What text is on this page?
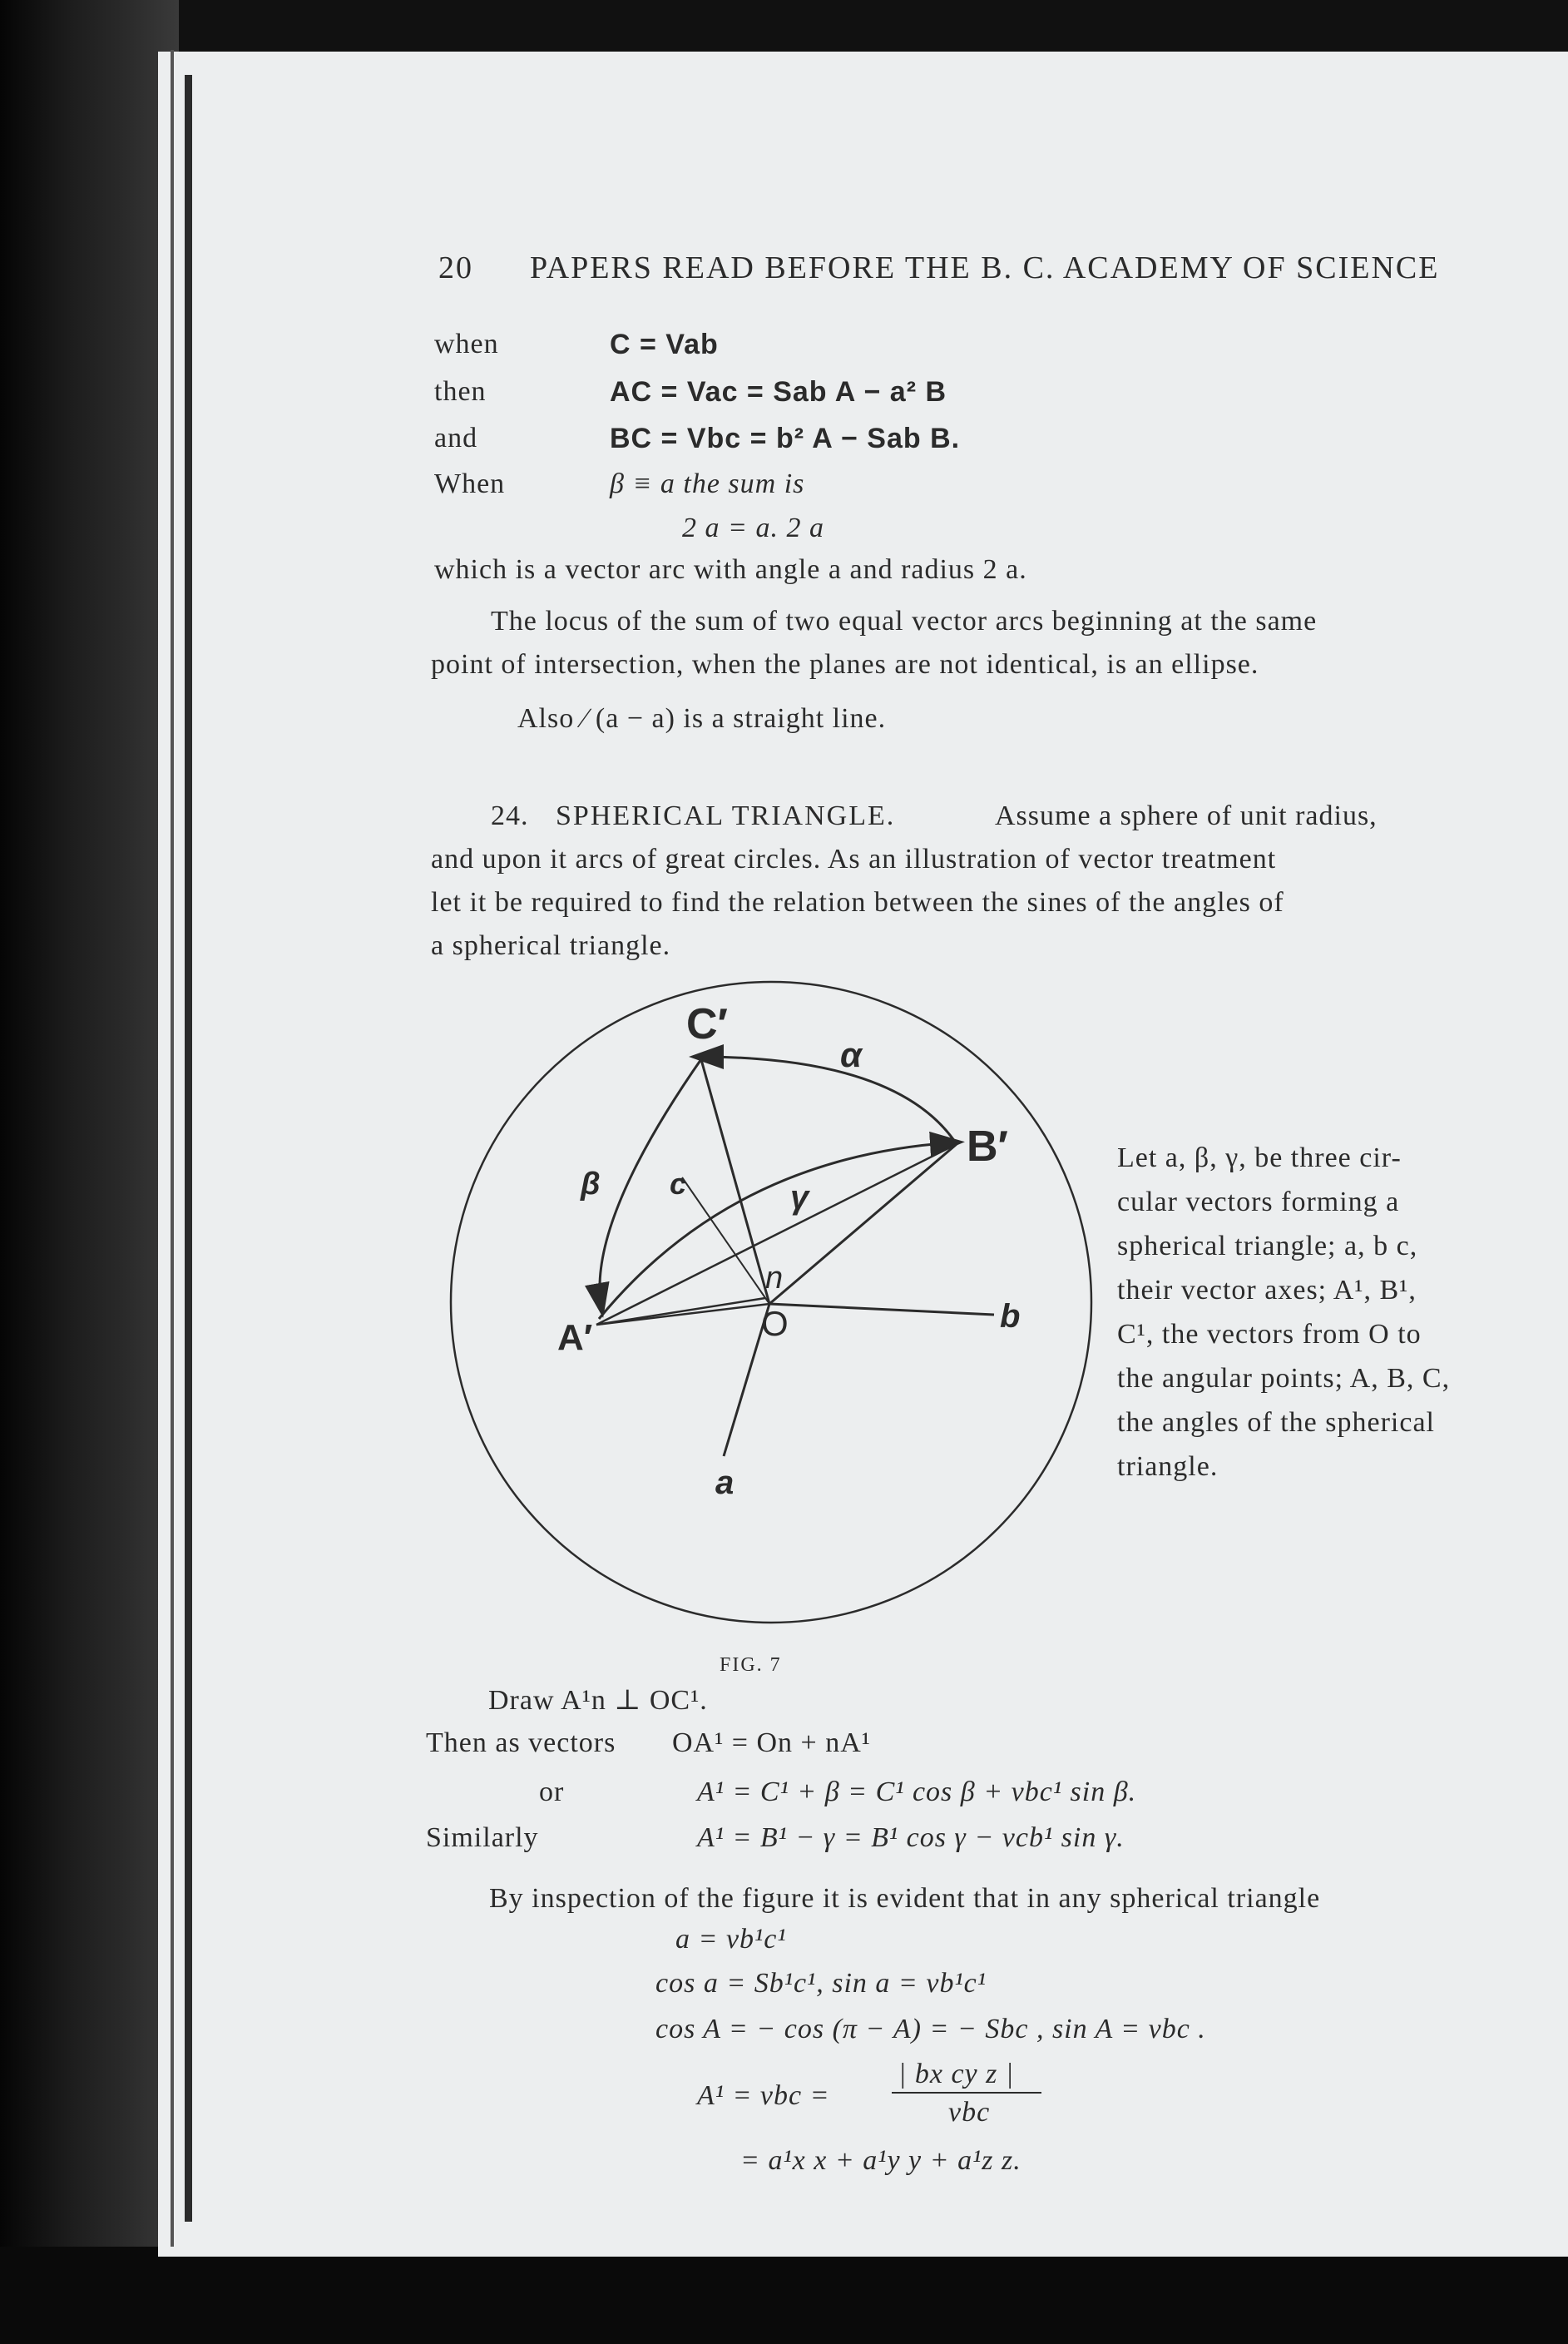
20 PAPERS READ BEFORE THE B. C. ACADEMY OF SCIENCE
when	C = Vab
then	AC = Vac = Sab A − a² B
and	BC = Vbc = b² A − Sab B.
When	β ≡ a the sum is
2 a = a. 2 a
which is a vector arc with angle a and radius 2 a.
The locus of the sum of two equal vector arcs beginning at the same
point of intersection, when the planes are not identical, is an ellipse.
Also ∕ (a − a) is a straight line.
24. SPHERICAL TRIANGLE.	Assume a sphere of unit radius,
and upon it arcs of great circles. As an illustration of vector treatment
let it be required to find the relation between the sines of the angles of
a spherical triangle.
C′
B′
A′
α
β	γ
c
n
O	b
a
Let a, β, γ, be three cir-
cular vectors forming a
spherical triangle; a, b c,
their vector axes; A¹, B¹,
C¹, the vectors from O to
the angular points; A, B, C,
the angles of the spherical
triangle.
FIG. 7
Draw A¹n ⊥ OC¹.
Then as vectors OA¹ = On + nA¹
or	A¹ = C¹ + β = C¹ cos β + vbc¹ sin β.
Similarly	A¹ = B¹ − γ = B¹ cos γ − vcb¹ sin γ.
By inspection of the figure it is evident that in any spherical triangle
a = vb¹c¹
cos a = Sb¹c¹, sin a = vb¹c¹
cos A = − cos (π − A) = − Sbc , sin A = vbc .
A¹ = vbc =
| bx cy z |
vbc
= a¹x x + a¹y y + a¹z z.
